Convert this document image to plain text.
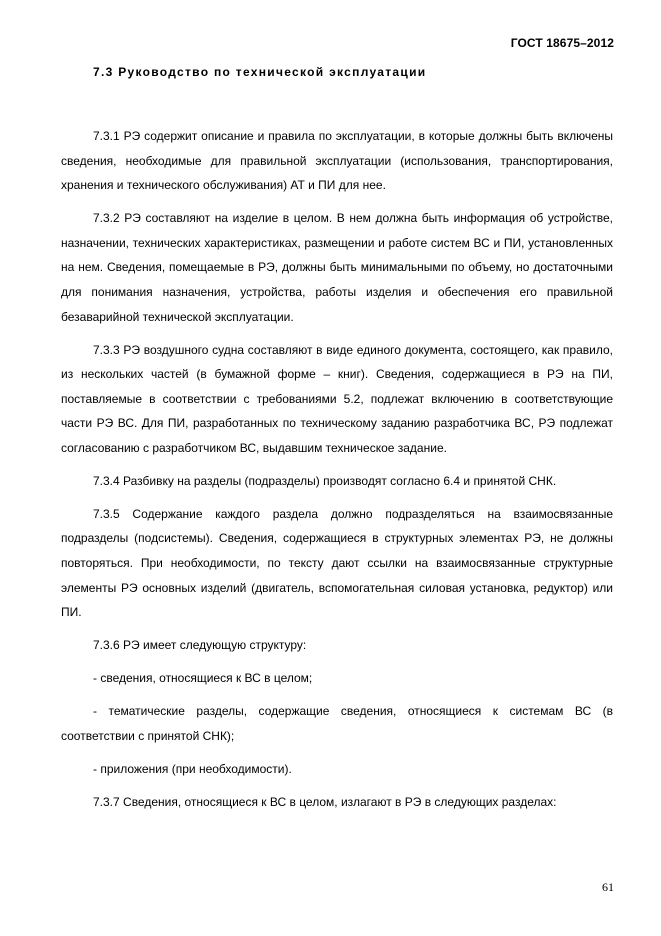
ГОСТ 18675–2012
7.3 Руководство по технической эксплуатации

7.3.1 РЭ содержит описание и правила по эксплуатации, в которые должны быть включены сведения, необходимые для правильной эксплуатации (использования, транспортирования, хранения и технического обслуживания) АТ и ПИ для нее.

7.3.2 РЭ составляют на изделие в целом. В нем должна быть информация об устройстве, назначении, технических характеристиках, размещении и работе систем ВС и ПИ, установленных на нем. Сведения, помещаемые в РЭ, должны быть минимальными по объему, но достаточными для понимания назначения, устройства, работы изделия и обеспечения его правильной безаварийной технической эксплуатации.

7.3.3 РЭ воздушного судна составляют в виде единого документа, состоящего, как правило, из нескольких частей (в бумажной форме – книг). Сведения, содержащиеся в РЭ на ПИ, поставляемые в соответствии с требованиями 5.2, подлежат включению в соответствующие части РЭ ВС. Для ПИ, разработанных по техническому заданию разработчика ВС, РЭ подлежат согласованию с разработчиком ВС, выдавшим техническое задание.

7.3.4 Разбивку на разделы (подразделы) производят согласно 6.4 и принятой СНК.

7.3.5 Содержание каждого раздела должно подразделяться на взаимосвязанные подразделы (подсистемы). Сведения, содержащиеся в структурных элементах РЭ, не должны повторяться. При необходимости, по тексту дают ссылки на взаимосвязанные структурные элементы РЭ основных изделий (двигатель, вспомогательная силовая установка, редуктор) или ПИ.

7.3.6 РЭ имеет следующую структуру:

- сведения, относящиеся к ВС в целом;

- тематические разделы, содержащие сведения, относящиеся к системам ВС (в соответствии с принятой СНК);

- приложения (при необходимости).

7.3.7 Сведения, относящиеся к ВС в целом, излагают в РЭ в следующих разделах:

61
